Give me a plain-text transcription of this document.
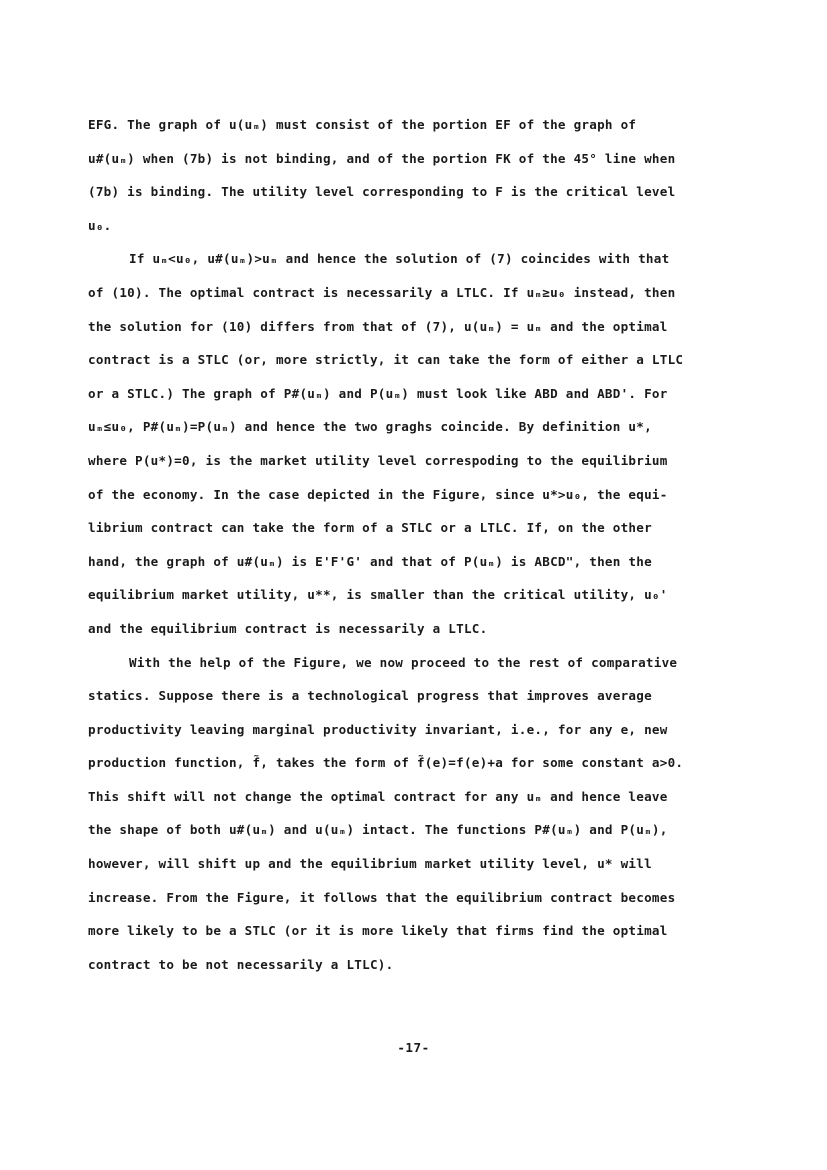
EFG. The graph of u(uₘ) must consist of the portion EF of the graph of
u#(uₘ) when (7b) is not binding, and of the portion FK of the 45° line when
(7b) is binding. The utility level corresponding to F is the critical level
u₀.
If uₘ<u₀, u#(uₘ)>uₘ and hence the solution of (7) coincides with that
of (10). The optimal contract is necessarily a LTLC. If uₘ≥u₀ instead, then
the solution for (10) differs from that of (7), u(uₘ) = uₘ and the optimal
contract is a STLC (or, more strictly, it can take the form of either a LTLC
or a STLC.) The graph of P#(uₘ) and P(uₘ) must look like ABD and ABD'. For
uₘ≤u₀, P#(uₘ)=P(uₘ) and hence the two graghs coincide. By definition u*,
where P(u*)=0, is the market utility level correspoding to the equilibrium
of the economy. In the case depicted in the Figure, since u*>u₀, the equi-
librium contract can take the form of a STLC or a LTLC. If, on the other
hand, the graph of u#(uₘ) is E'F'G' and that of P(uₘ) is ABCD", then the
equilibrium market utility, u**, is smaller than the critical utility, u₀'
and the equilibrium contract is necessarily a LTLC.
With the help of the Figure, we now proceed to the rest of comparative
statics. Suppose there is a technological progress that improves average
productivity leaving marginal productivity invariant, i.e., for any e, new
production function, f̃, takes the form of f̃(e)=f(e)+a for some constant a>0.
This shift will not change the optimal contract for any uₘ and hence leave
the shape of both u#(uₘ) and u(uₘ) intact. The functions P#(uₘ) and P(uₘ),
however, will shift up and the equilibrium market utility level, u* will
increase. From the Figure, it follows that the equilibrium contract becomes
more likely to be a STLC (or it is more likely that firms find the optimal
contract to be not necessarily a LTLC).
-17-
